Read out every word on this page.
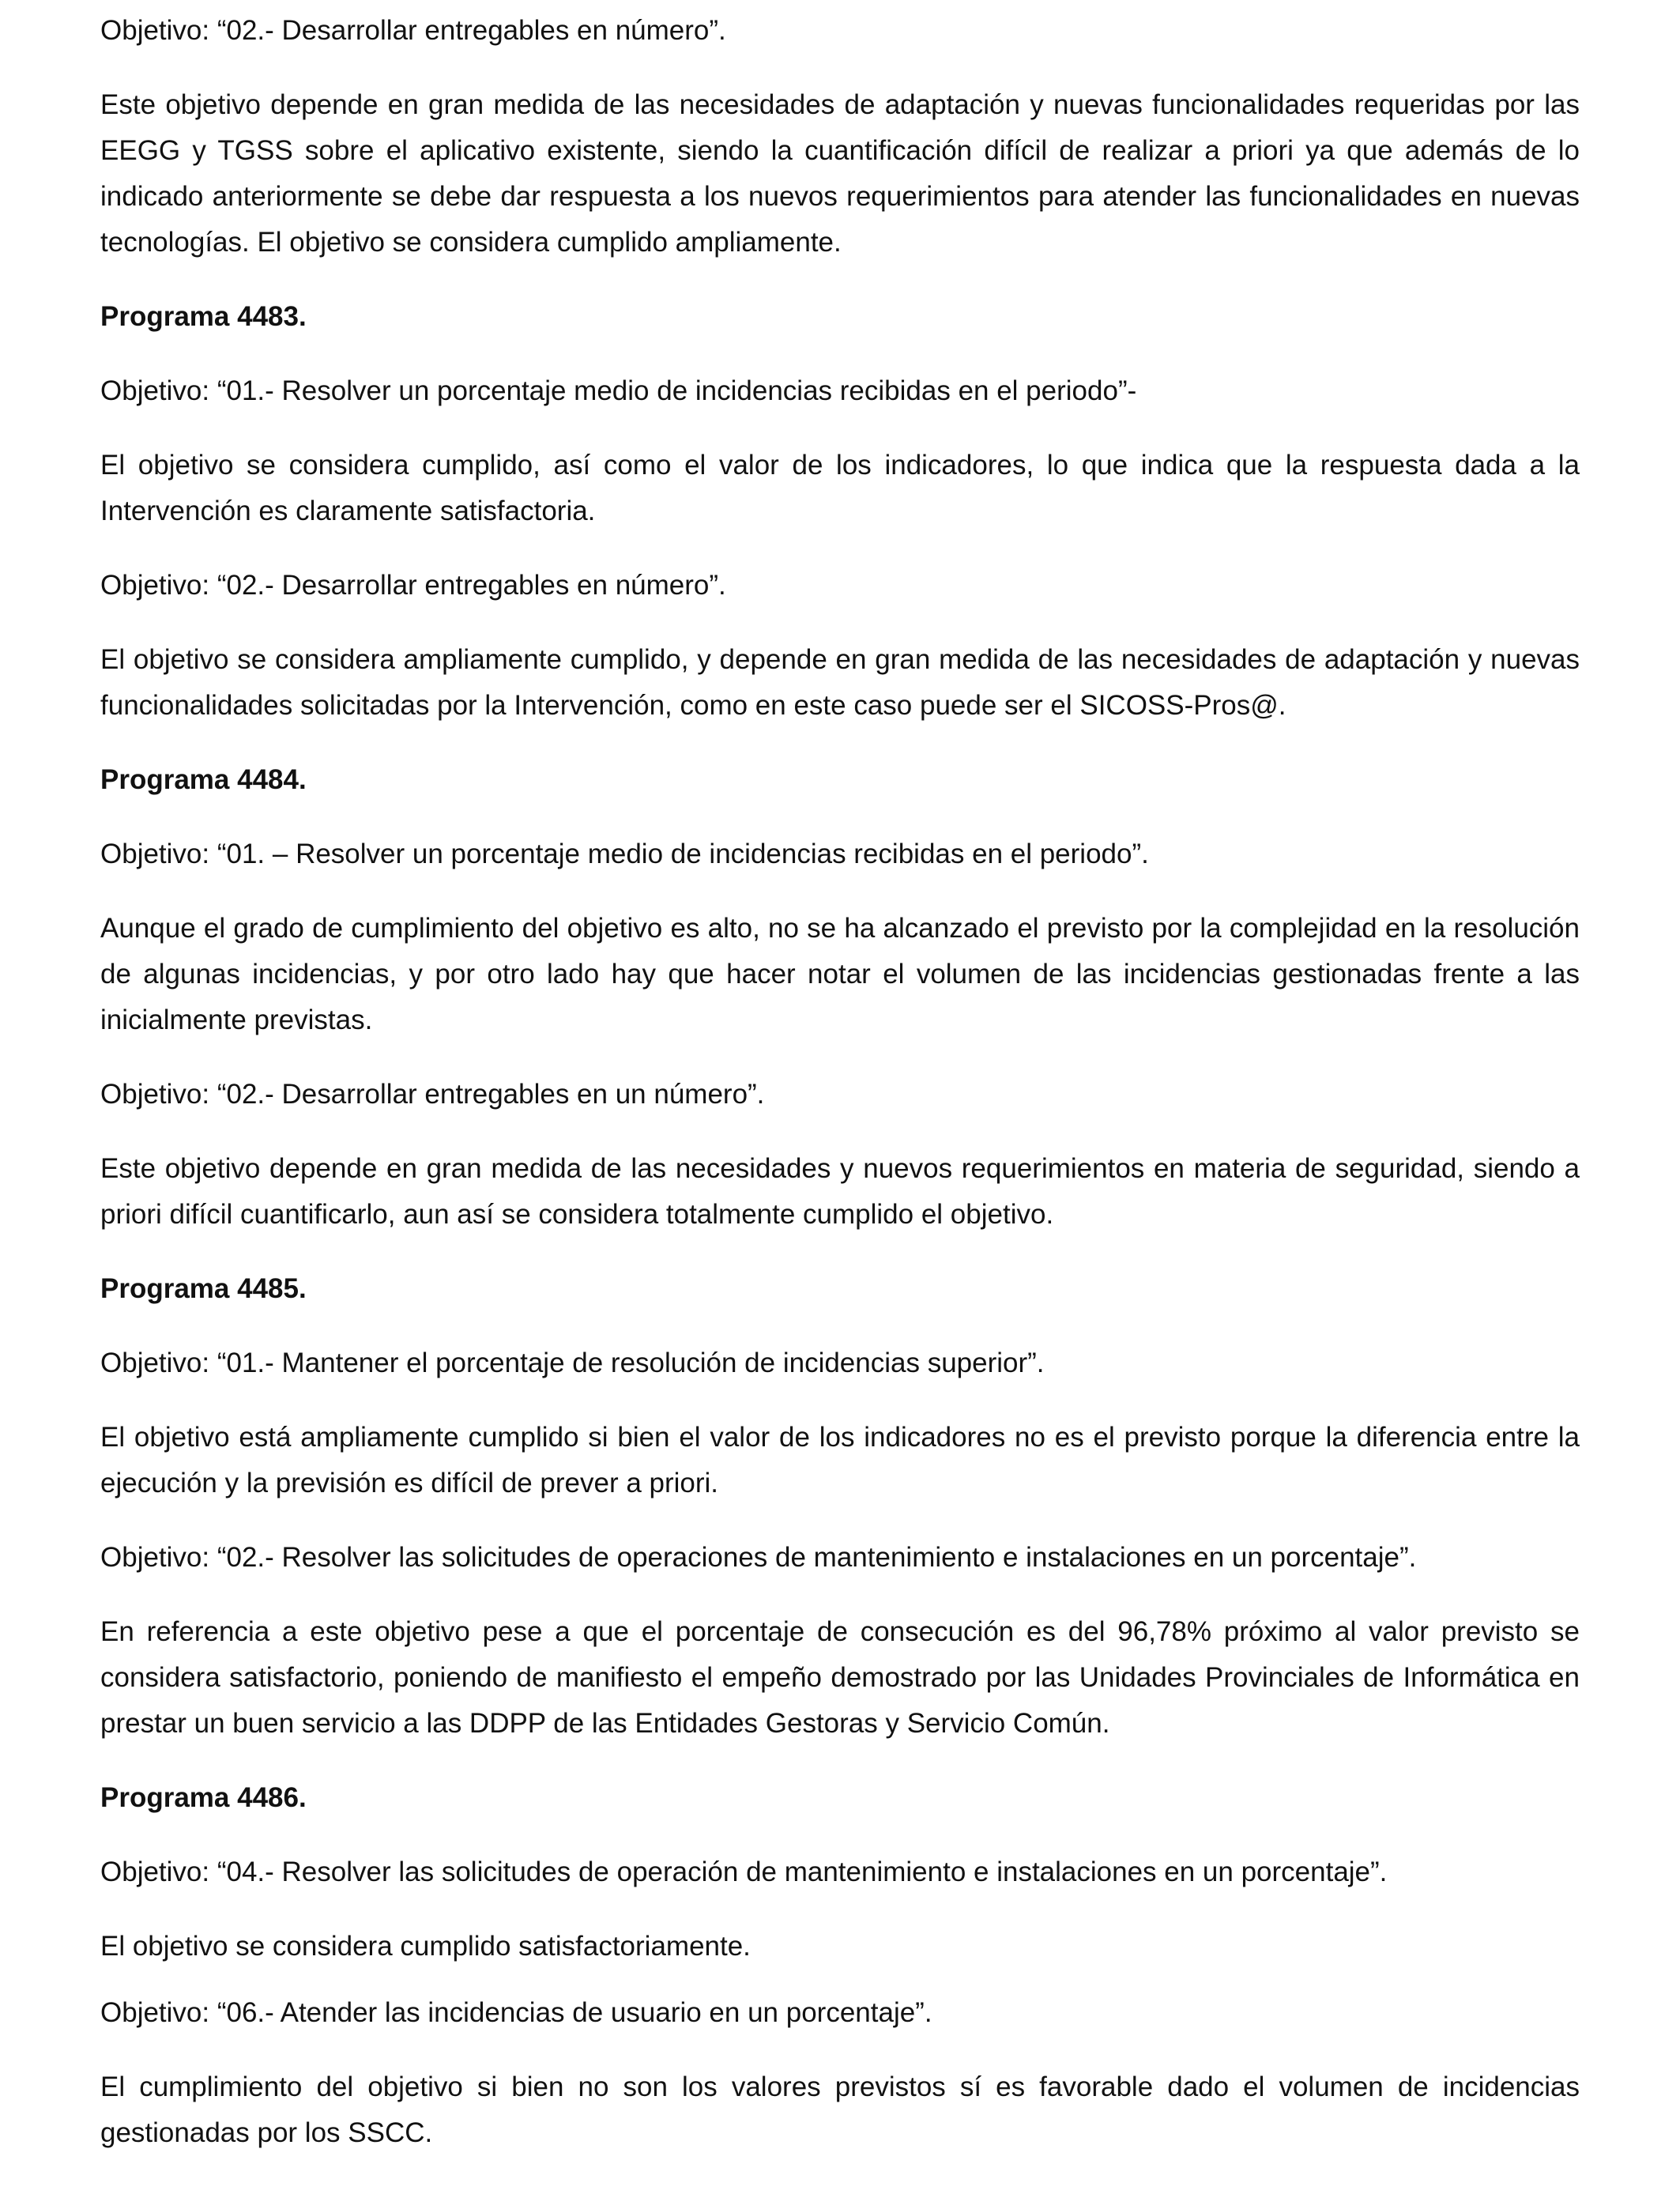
Objetivo: “02.- Desarrollar entregables en número”.

Este objetivo depende en gran medida de las necesidades de adaptación y nuevas funcionalidades requeridas por las EEGG y TGSS sobre el aplicativo existente, siendo la cuantificación difícil de realizar a priori ya que además de lo indicado anteriormente se debe dar respuesta a los nuevos requerimientos para atender las funcionalidades en nuevas tecnologías. El objetivo se considera cumplido ampliamente.

Programa 4483.

Objetivo: “01.- Resolver un porcentaje medio de incidencias recibidas en el periodo”-

El objetivo se considera cumplido, así como el valor de los indicadores, lo que indica que la respuesta dada a la Intervención es claramente satisfactoria.

Objetivo: “02.- Desarrollar entregables en número”.

El objetivo se considera ampliamente cumplido, y depende en gran medida de las necesidades de adaptación y nuevas funcionalidades solicitadas por la Intervención, como en este caso puede ser el SICOSS-Pros@.

Programa 4484.

Objetivo: “01. – Resolver un porcentaje medio de incidencias recibidas en el periodo”.

Aunque el grado de cumplimiento del objetivo es alto, no se ha alcanzado el previsto por la complejidad en la resolución de algunas incidencias, y por otro lado hay que hacer notar el volumen de las incidencias gestionadas frente a las inicialmente previstas.

Objetivo: “02.- Desarrollar entregables en un número”.

Este objetivo depende en gran medida de las necesidades y nuevos requerimientos en materia de seguridad, siendo a priori difícil cuantificarlo, aun así se considera totalmente cumplido el objetivo.

Programa 4485.

Objetivo: “01.- Mantener el porcentaje de resolución de incidencias superior”.

El objetivo está ampliamente cumplido si bien el valor de los indicadores no es el previsto porque la diferencia entre la ejecución y la previsión es difícil de prever a priori.

Objetivo: “02.- Resolver las solicitudes de operaciones de mantenimiento e instalaciones en un porcentaje”.

En referencia a este objetivo pese a que el porcentaje de consecución es del 96,78% próximo al valor previsto se considera satisfactorio, poniendo de manifiesto el empeño demostrado por las Unidades Provinciales de Informática en prestar un buen servicio a las DDPP de las Entidades Gestoras y Servicio Común.

Programa 4486.

Objetivo: “04.- Resolver las solicitudes de operación de mantenimiento e instalaciones en un porcentaje”.

El objetivo se considera cumplido satisfactoriamente.

Objetivo: “06.- Atender las incidencias de usuario en un porcentaje”.

El cumplimiento del objetivo si bien no son los valores previstos sí es favorable dado el volumen de incidencias gestionadas por los SSCC.
